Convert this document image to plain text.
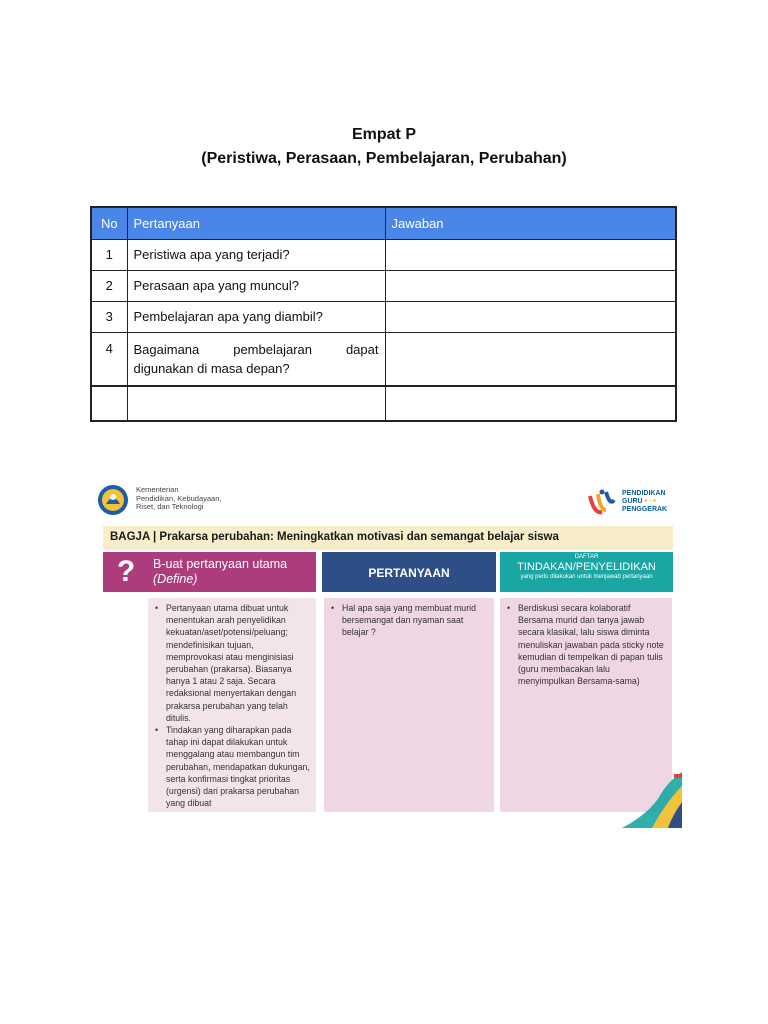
Empat P
(Peristiwa, Perasaan, Pembelajaran, Perubahan)
No	Pertanyaan	Jawaban
1	Peristiwa apa yang terjadi?	
2	Perasaan apa yang muncul?	
3	Pembelajaran apa yang diambil?	
4	Bagaimana pembelajaran dapat digunakan di masa depan?	

Kementerian
Pendidikan, Kebudayaan,
Riset, dan Teknologi
PENDIDIKAN
GURU • ◦ •
PENGGERAK
BAGJA | Prakarsa perubahan: Meningkatkan motivasi dan semangat belajar siswa
?	B-uat pertanyaan utama
(Define)	PERTANYAAN
DAFTAR
TINDAKAN/PENYELIDIKAN
yang perlu dilakukan untuk menjawab pertanyaan
• Pertanyaan utama dibuat untuk menentukan arah penyelidikan kekuatan/aset/potensi/peluang; mendefinisikan tujuan, memprovokasi atau menginisiasi perubahan (prakarsa). Biasanya hanya 1 atau 2 saja. Secara redaksional menyertakan dengan prakarsa perubahan yang telah ditulis.
• Tindakan yang diharapkan pada tahap ini dapat dilakukan untuk menggalang atau membangun tim perubahan, mendapatkan dukungan, serta konfirmasi tingkat prioritas (urgensi) dari prakarsa perubahan yang dibuat
• Hal apa saja yang membuat murid bersemangat dan nyaman saat belajar ?
• Berdiskusi secara kolaboratif Bersama murid dan tanya jawab secara klasikal, lalu siswa diminta menuliskan jawaban pada sticky note kemudian di tempelkan di papan tulis (guru membacakan lalu menyimpulkan Bersama-sama)
